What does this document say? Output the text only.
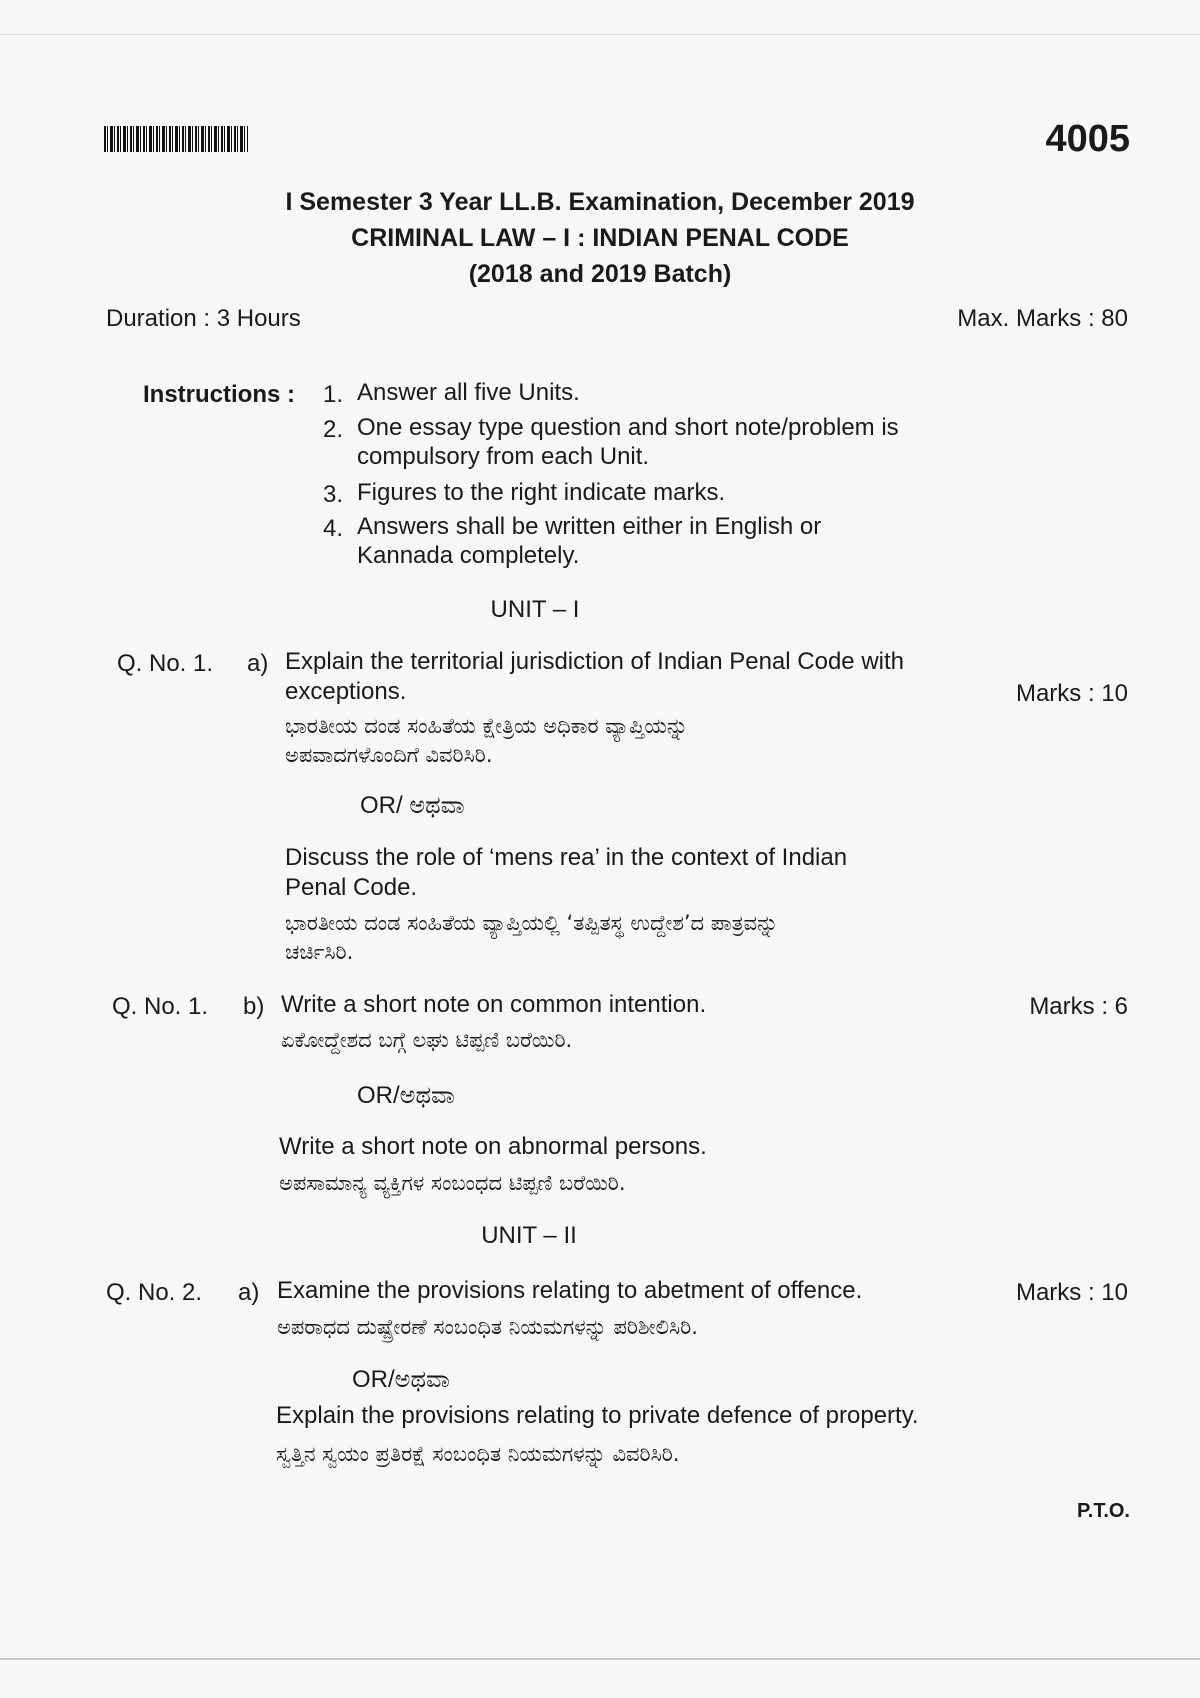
4005
I Semester 3 Year LL.B. Examination, December 2019
CRIMINAL LAW – I : INDIAN PENAL CODE
(2018 and 2019 Batch)
Duration : 3 Hours	Max. Marks : 80
Instructions : 1. Answer all five Units.
2. One essay type question and short note/problem is
compulsory from each Unit.
3. Figures to the right indicate marks.
4. Answers shall be written either in English or
Kannada completely.
UNIT – I
Q. No. 1. a) Explain the territorial jurisdiction of Indian Penal Code with
exceptions.	Marks : 10
ಭಾರತೀಯ ದಂಡ ಸಂಹಿತೆಯ ಕ್ಷೇತ್ರಿಯ ಅಧಿಕಾರ ವ್ಯಾಪ್ತಿಯನ್ನು
ಅಪವಾದಗಳೊಂದಿಗೆ ವಿವರಿಸಿರಿ.
OR/ ಅಥವಾ
Discuss the role of ‘mens rea’ in the context of Indian
Penal Code.
ಭಾರತೀಯ ದಂಡ ಸಂಹಿತೆಯ ವ್ಯಾಪ್ತಿಯಲ್ಲಿ ‘ತಪ್ಪಿತಸ್ಥ ಉದ್ದೇಶ’ದ ಪಾತ್ರವನ್ನು
ಚರ್ಚಿಸಿರಿ.
Q. No. 1. b) Write a short note on common intention.	Marks : 6
ಏಕೋದ್ದೇಶದ ಬಗ್ಗೆ ಲಘು ಟಿಪ್ಪಣಿ ಬರೆಯಿರಿ.
OR/ಅಥವಾ
Write a short note on abnormal persons.
ಅಪಸಾಮಾನ್ಯ ವ್ಯಕ್ತಿಗಳ ಸಂಬಂಧದ ಟಿಪ್ಪಣಿ ಬರೆಯಿರಿ.
UNIT – II
Q. No. 2. a) Examine the provisions relating to abetment of offence.	Marks : 10
ಅಪರಾಧದ ದುಷ್ಪ್ರೇರಣೆ ಸಂಬಂಧಿತ ನಿಯಮಗಳನ್ನು ಪರಿಶೀಲಿಸಿರಿ.
OR/ಅಥವಾ
Explain the provisions relating to private defence of property.
ಸ್ವತ್ತಿನ ಸ್ವಯಂ ಪ್ರತಿರಕ್ಷೆ ಸಂಬಂಧಿತ ನಿಯಮಗಳನ್ನು ವಿವರಿಸಿರಿ.
P.T.O.
